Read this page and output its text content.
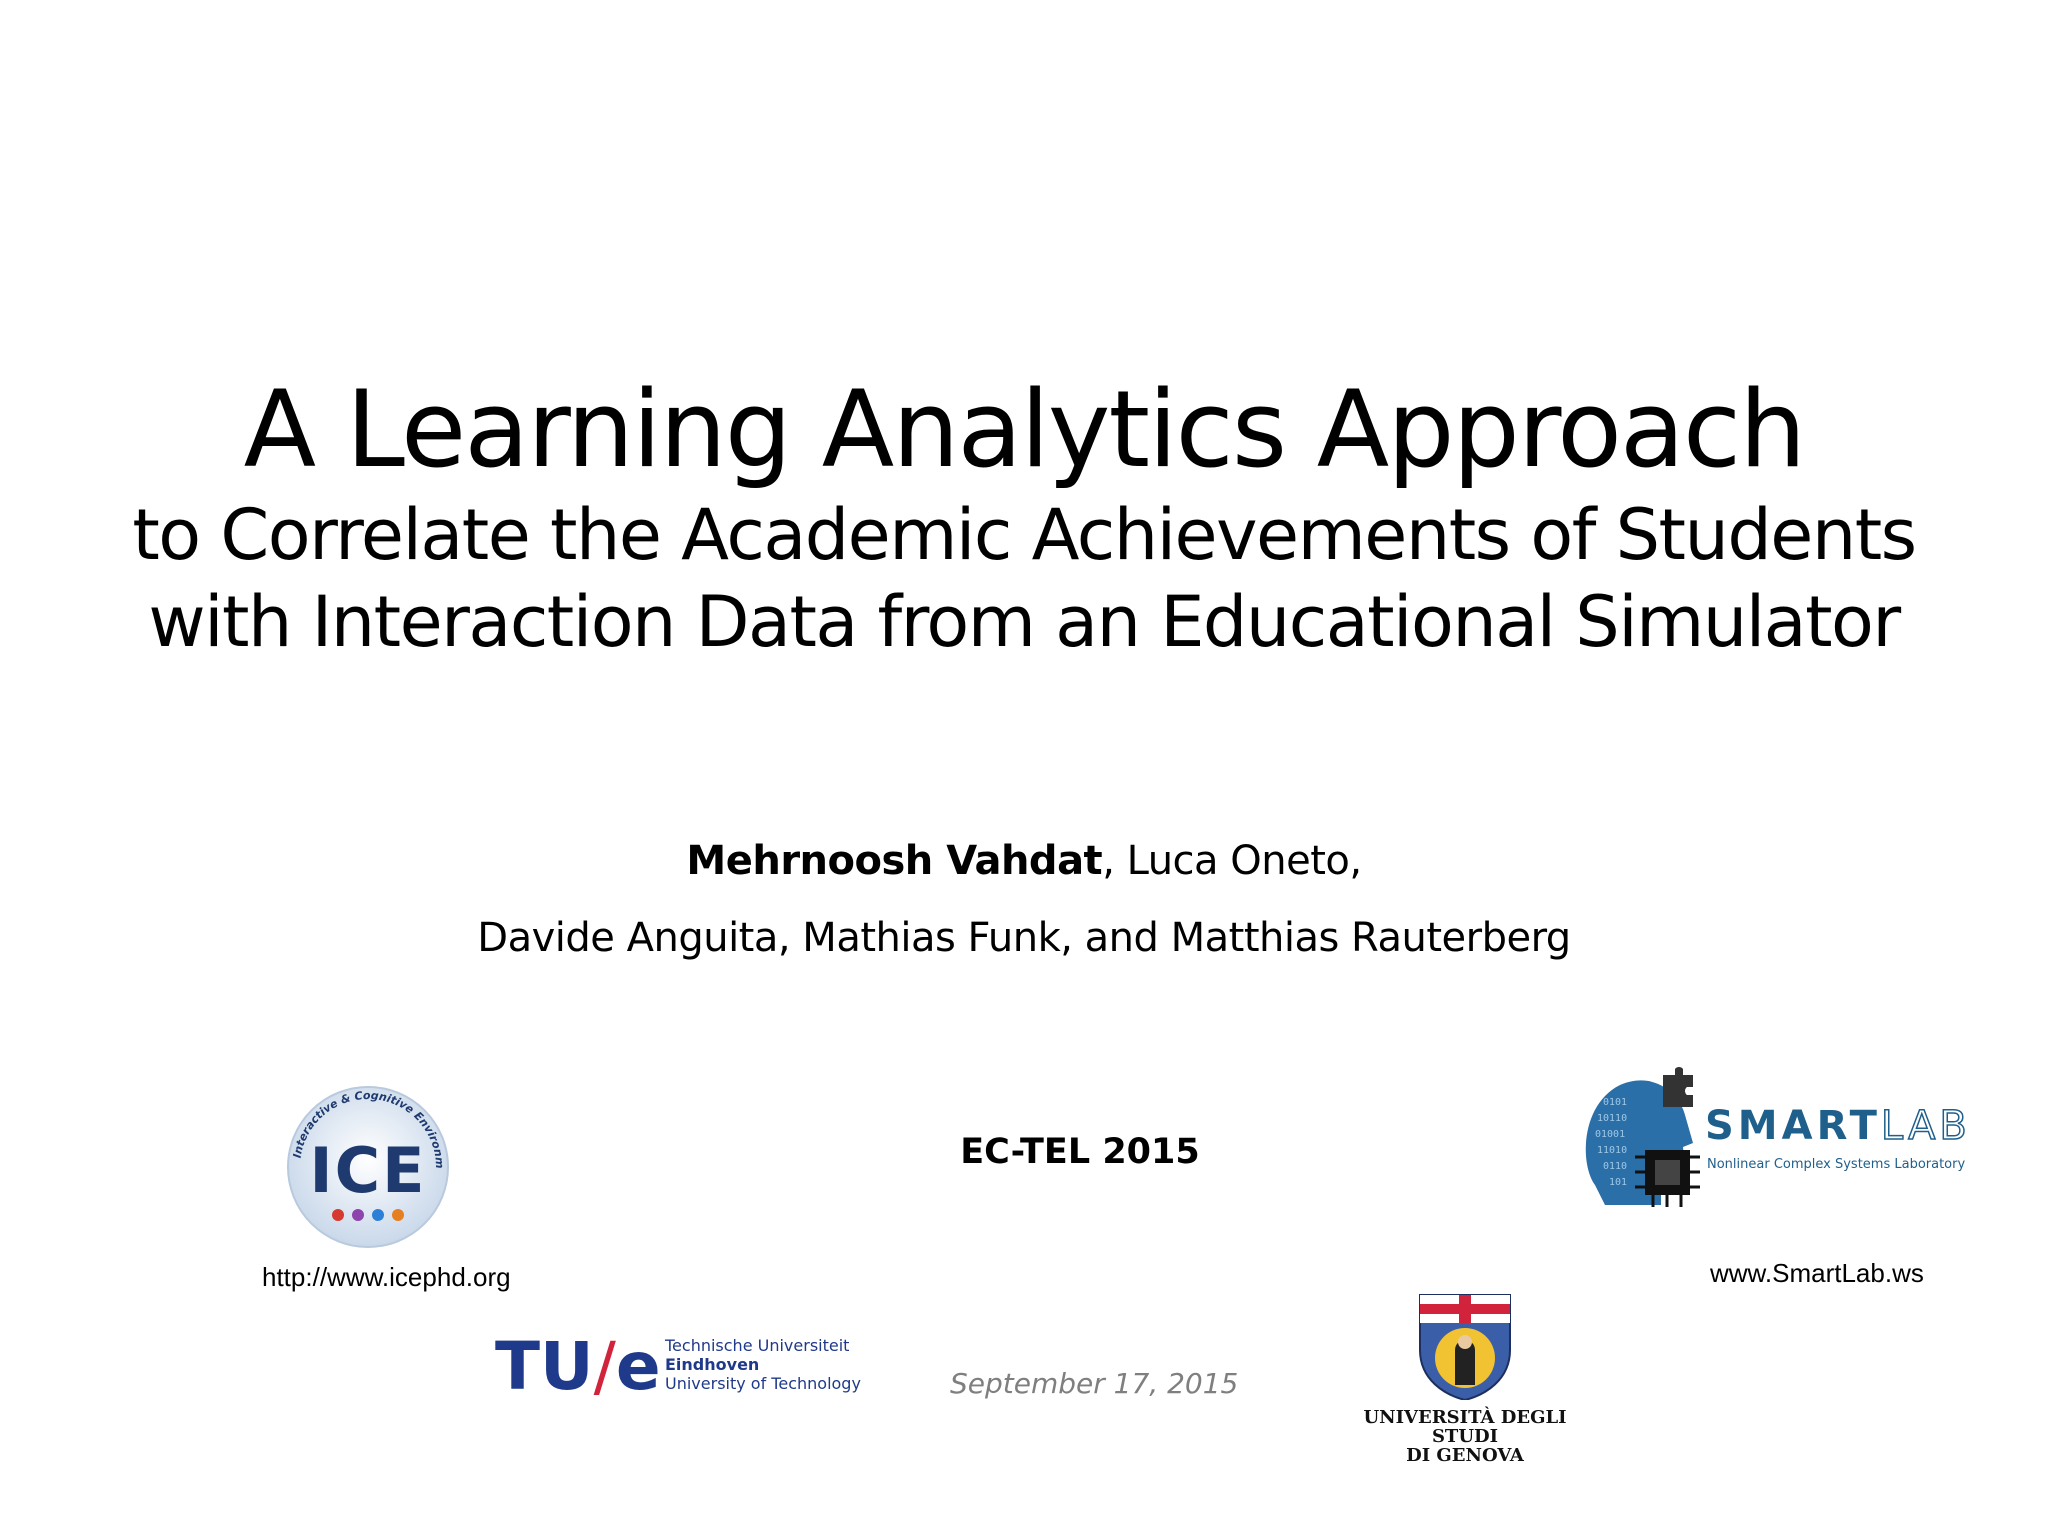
A Learning Analytics Approach
to Correlate the Academic Achievements of Students
with Interaction Data from an Educational Simulator
Mehrnoosh Vahdat, Luca Oneto,
Davide Anguita, Mathias Funk, and Matthias Rauterberg
EC-TEL 2015
September 17, 2015
Interactive & Cognitive Environm
ICE
http://www.icephd.org
0101
10110
01001
11010
0110
101
SMARTLAB
Nonlinear Complex Systems Laboratory
www.SmartLab.ws
TU/e Technische Universiteit
Eindhoven
University of Technology
UNIVERSITÀ DEGLI STUDI
DI GENOVA
